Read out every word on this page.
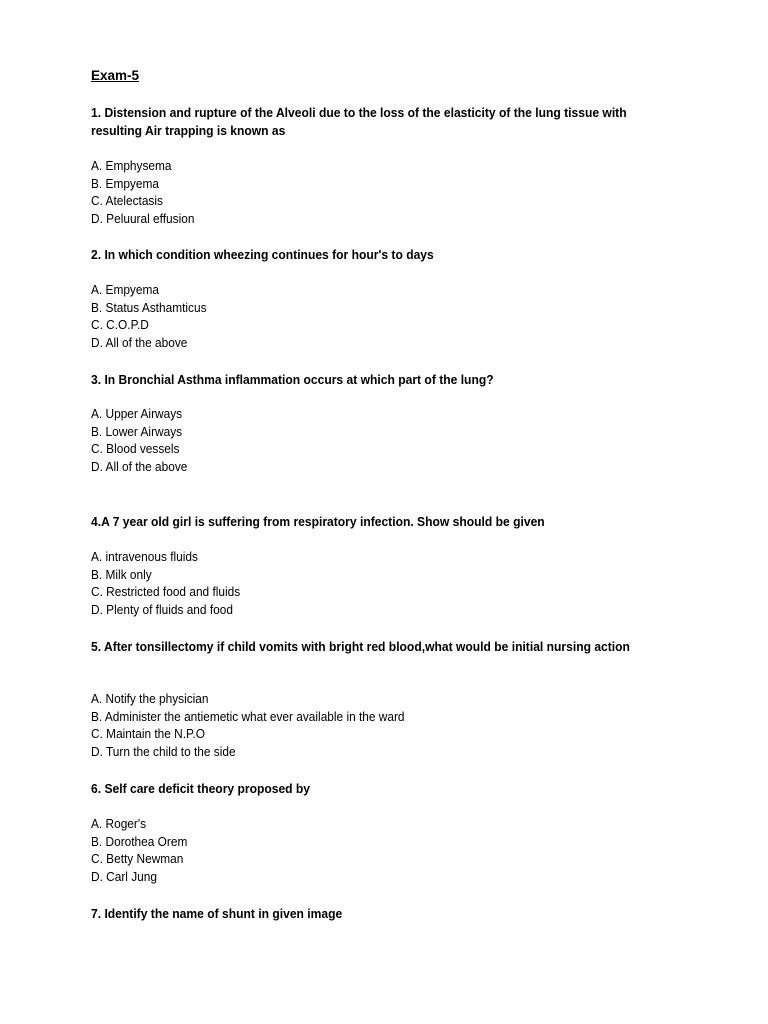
Exam-5
1. Distension and rupture of the Alveoli due to the loss of the elasticity of the lung tissue with resulting Air trapping is known as
A. Emphysema
B. Empyema
C. Atelectasis
D. Peluural effusion
2. In which condition wheezing continues for hour's to days
A. Empyema
B. Status Asthamticus
C. C.O.P.D
D. All of the above
3. In Bronchial Asthma inflammation occurs at which part of the lung?
A. Upper Airways
B. Lower Airways
C. Blood vessels
D. All of the above
4.A 7 year old girl is suffering from respiratory infection. Show should be given
A. intravenous fluids
B. Milk only
C. Restricted food and fluids
D. Plenty of fluids and food
5. After tonsillectomy if child vomits with bright red blood,what would be initial nursing action
A. Notify the physician
B. Administer the antiemetic what ever available in the ward
C. Maintain the N.P.O
D. Turn the child to the side
6. Self care deficit theory proposed by
A. Roger's
B. Dorothea Orem
C. Betty Newman
D. Carl Jung
7. Identify the name of shunt in given image
